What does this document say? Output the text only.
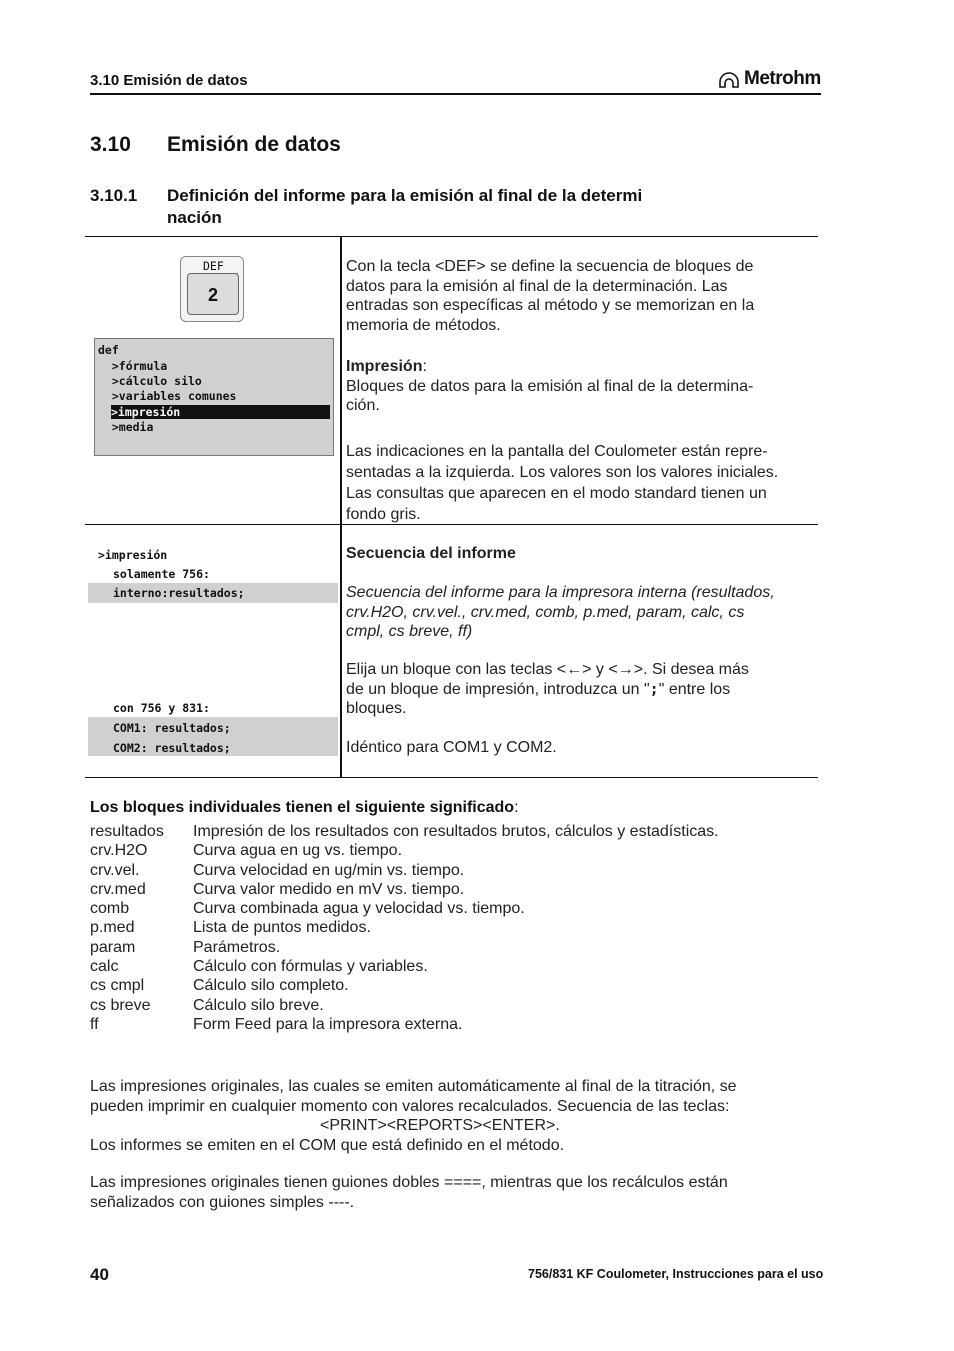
3.10 Emisión de datos	Metrohm
3.10 Emisión de datos
3.10.1 Definición del informe para la emisión al final de la determi
nación
DEF
2
def
>fórmula
>cálculo silo
>variables comunes
>impresión
>media
Con la tecla <DEF> se define la secuencia de bloques de
datos para la emisión al final de la determinación. Las
entradas son específicas al método y se memorizan en la
memoria de métodos.
Impresión:
Bloques de datos para la emisión al final de la determina-
ción.
Las indicaciones en la pantalla del Coulometer están repre-
sentadas a la izquierda. Los valores son los valores iniciales.
Las consultas que aparecen en el modo standard tienen un
fondo gris.
>impresión
solamente 756:
interno:resultados;
con 756 y 831:
COM1: resultados;
COM2: resultados;
Secuencia del informe
Secuencia del informe para la impresora interna (resultados,
crv.H2O, crv.vel., crv.med, comb, p.med, param, calc, cs
cmpl, cs breve, ff)
Elija un bloque con las teclas <←> y <→>. Si desea más
de un bloque de impresión, introduzca un ";" entre los
bloques.
Idéntico para COM1 y COM2.
Los bloques individuales tienen el siguiente significado:
resultados	Impresión de los resultados con resultados brutos, cálculos y estadísticas.
crv.H2O	Curva agua en ug vs. tiempo.
crv.vel.	Curva velocidad en ug/min vs. tiempo.
crv.med	Curva valor medido en mV vs. tiempo.
comb	Curva combinada agua y velocidad vs. tiempo.
p.med	Lista de puntos medidos.
param	Parámetros.
calc	Cálculo con fórmulas y variables.
cs cmpl	Cálculo silo completo.
cs breve	Cálculo silo breve.
ff	Form Feed para la impresora externa.
Las impresiones originales, las cuales se emiten automáticamente al final de la titración, se
pueden imprimir en cualquier momento con valores recalculados. Secuencia de las teclas:
<PRINT><REPORTS><ENTER>.
Los informes se emiten en el COM que está definido en el método.
Las impresiones originales tienen guiones dobles ====, mientras que los recálculos están
señalizados con guiones simples ----.
40	756/831 KF Coulometer, Instrucciones para el uso
